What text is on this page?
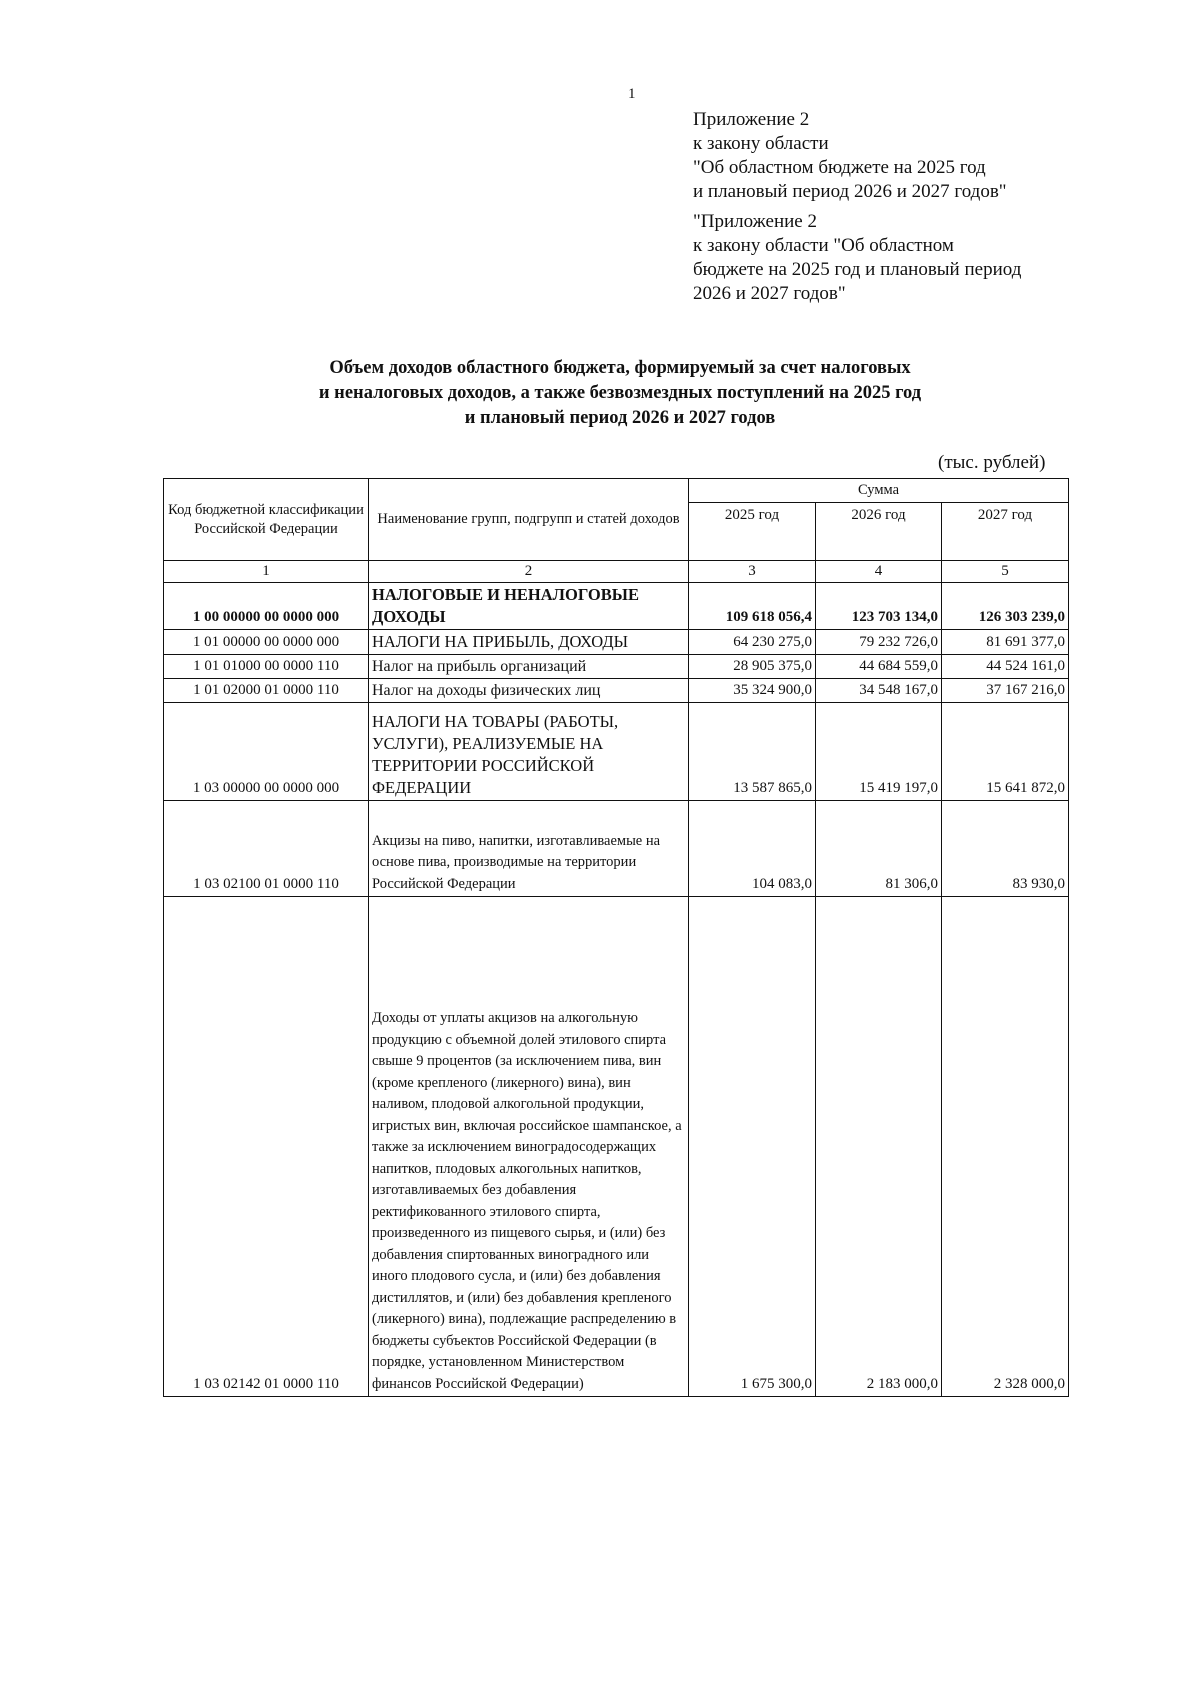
1
Приложение 2
к закону области
"Об областном бюджете на 2025 год
и плановый период 2026 и 2027 годов"
"Приложение 2
к закону области "Об областном
бюджете на 2025 год и плановый период
2026 и 2027 годов"
Объем доходов областного бюджета, формируемый за счет налоговых
и неналоговых доходов, а также безвозмездных поступлений на 2025 год
и плановый период 2026 и 2027 годов
(тыс. рублей)
Код бюджетной классификации Российской Федерации	Наименование групп, подгрупп и статей доходов	Сумма		
		2025 год	2026 год	2027 год
1	2	3	4	5
1 00 00000 00 0000 000	НАЛОГОВЫЕ И НЕНАЛОГОВЫЕ ДОХОДЫ	109 618 056,4	123 703 134,0	126 303 239,0
1 01 00000 00 0000 000	НАЛОГИ НА ПРИБЫЛЬ, ДОХОДЫ	64 230 275,0	79 232 726,0	81 691 377,0
1 01 01000 00 0000 110	Налог на прибыль организаций	28 905 375,0	44 684 559,0	44 524 161,0
1 01 02000 01 0000 110	Налог на доходы физических лиц	35 324 900,0	34 548 167,0	37 167 216,0
1 03 00000 00 0000 000	НАЛОГИ НА ТОВАРЫ (РАБОТЫ, УСЛУГИ), РЕАЛИЗУЕМЫЕ НА ТЕРРИТОРИИ РОССИЙСКОЙ ФЕДЕРАЦИИ	13 587 865,0	15 419 197,0	15 641 872,0
1 03 02100 01 0000 110	Акцизы на пиво, напитки, изготавливаемые на основе пива, производимые на территории Российской Федерации	104 083,0	81 306,0	83 930,0
1 03 02142 01 0000 110	Доходы от уплаты акцизов на алкогольную продукцию с объемной долей этилового спирта свыше 9 процентов (за исключением пива, вин (кроме крепленого (ликерного) вина), вин наливом, плодовой алкогольной продукции, игристых вин, включая российское шампанское, а также за исключением виноградосодержащих напитков, плодовых алкогольных напитков, изготавливаемых без добавления ректификованного этилового спирта, произведенного из пищевого сырья, и (или) без добавления спиртованных виноградного или иного плодового сусла, и (или) без добавления дистиллятов, и (или) без добавления крепленого (ликерного) вина), подлежащие распределению в бюджеты субъектов Российской Федерации (в порядке, установленном Министерством финансов Российской Федерации)	1 675 300,0	2 183 000,0	2 328 000,0
